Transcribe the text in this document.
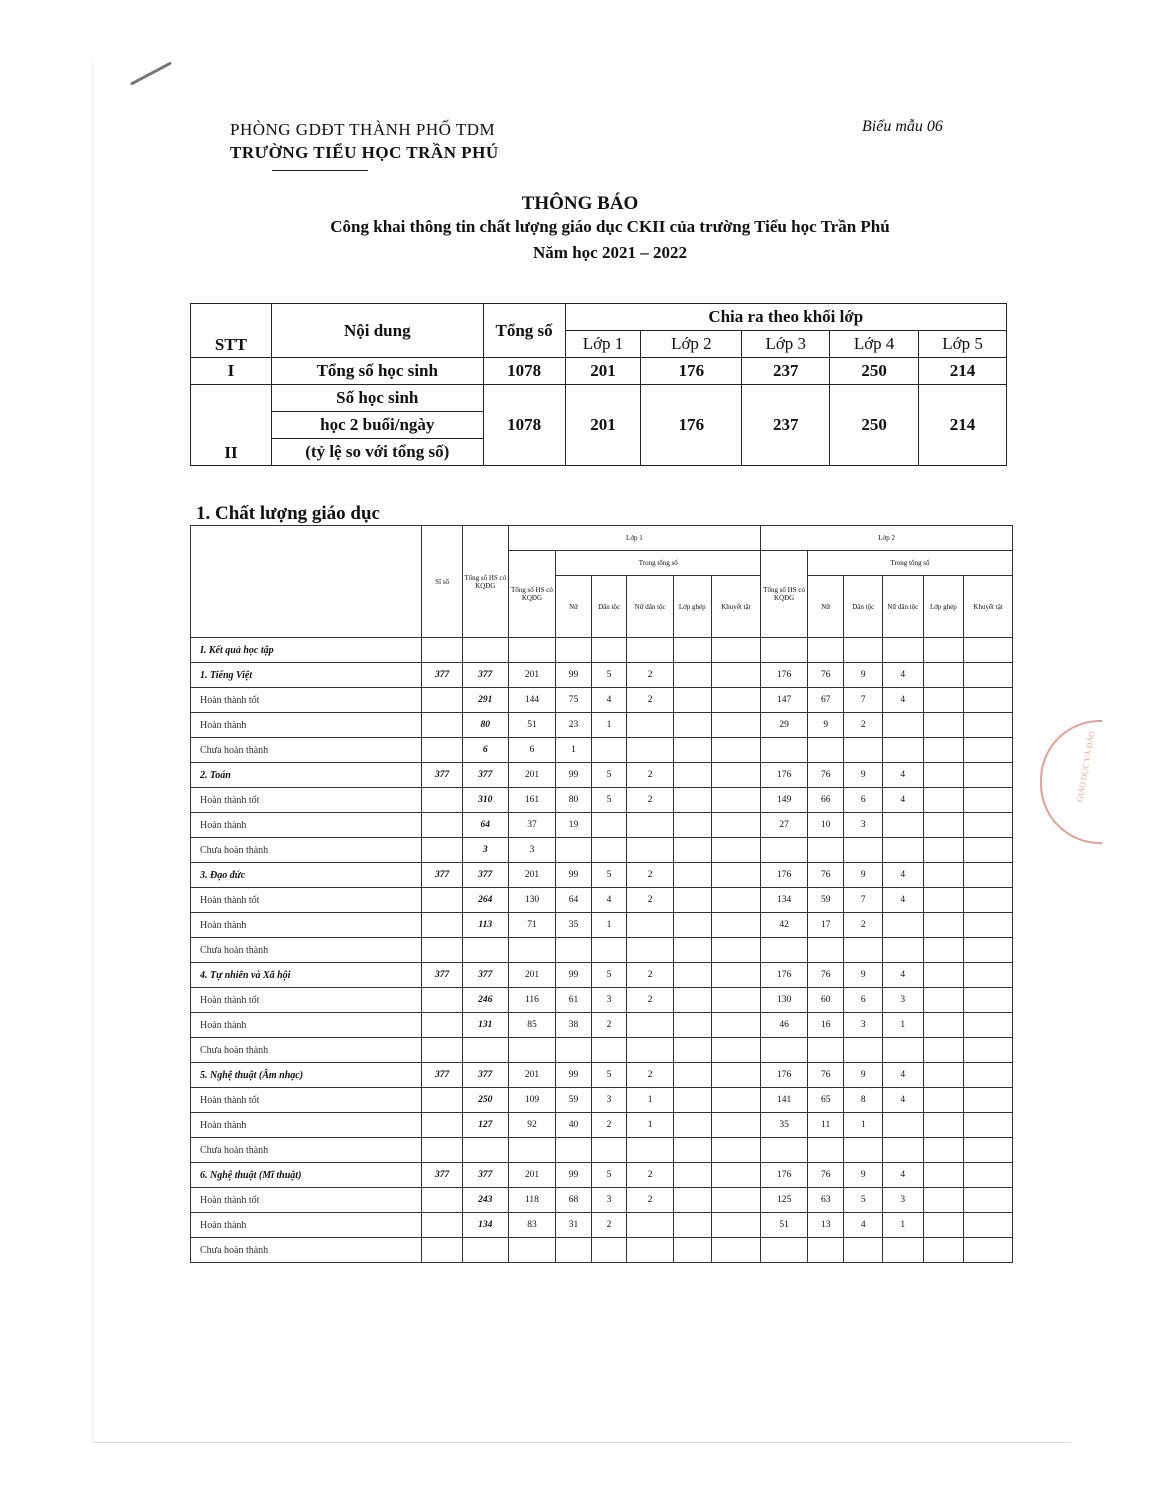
PHÒNG GDĐT THÀNH PHỐ TDM
TRƯỜNG TIỂU HỌC TRẦN PHÚ
Biểu mẫu 06
THÔNG BÁO
Công khai thông tin chất lượng giáo dục CKII của trường Tiểu học Trần Phú
Năm học 2021 – 2022
STT	Nội dung	Tổng số	Chia ra theo khối lớp				
			Lớp 1	Lớp 2	Lớp 3	Lớp 4	Lớp 5
I	Tổng số học sinh	1078	201	176	237	250	214
II	Số học sinh	1078	201	176	237	250	214
	học 2 buổi/ngày						
	(tỷ lệ so với tổng số)						
1. Chất lượng giáo dục
	Sĩ số	Tổng số HS có KQĐG	Lớp 1						Lớp 2					
			Tổng số HS có KQĐG	Trong tổng số					Tổng số HS có KQĐG	Trong tổng số				
				Nữ	Dân tộc	Nữ dân tộc	Lớp ghép	Khuyết tật		Nữ	Dân tộc	Nữ dân tộc	Lớp ghép	Khuyết tật
I. Kết quả học tập														
1. Tiếng Việt	377	377	201	99	5	2			176	76	9	4		
Hoàn thành tốt		291	144	75	4	2			147	67	7	4		
Hoàn thành		80	51	23	1				29	9	2			
Chưa hoàn thành		6	6	1										
2. Toán	377	377	201	99	5	2			176	76	9	4		
Hoàn thành tốt		310	161	80	5	2			149	66	6	4		
Hoàn thành		64	37	19					27	10	3			
Chưa hoàn thành		3	3											
3. Đạo đức	377	377	201	99	5	2			176	76	9	4		
Hoàn thành tốt		264	130	64	4	2			134	59	7	4		
Hoàn thành		113	71	35	1				42	17	2			
Chưa hoàn thành														
4. Tự nhiên và Xã hội	377	377	201	99	5	2			176	76	9	4		
Hoàn thành tốt		246	116	61	3	2			130	60	6	3		
Hoàn thành		131	85	38	2				46	16	3	1		
Chưa hoàn thành														
5. Nghệ thuật (Âm nhạc)	377	377	201	99	5	2			176	76	9	4		
Hoàn thành tốt		250	109	59	3	1			141	65	8	4		
Hoàn thành		127	92	40	2	1			35	11	1			
Chưa hoàn thành														
6. Nghệ thuật (Mĩ thuật)	377	377	201	99	5	2			176	76	9	4		
Hoàn thành tốt		243	118	68	3	2			125	63	5	3		
Hoàn thành		134	83	31	2				51	13	4	1		
Chưa hoàn thành														
GIÁO DỤC VÀ ĐÀO
